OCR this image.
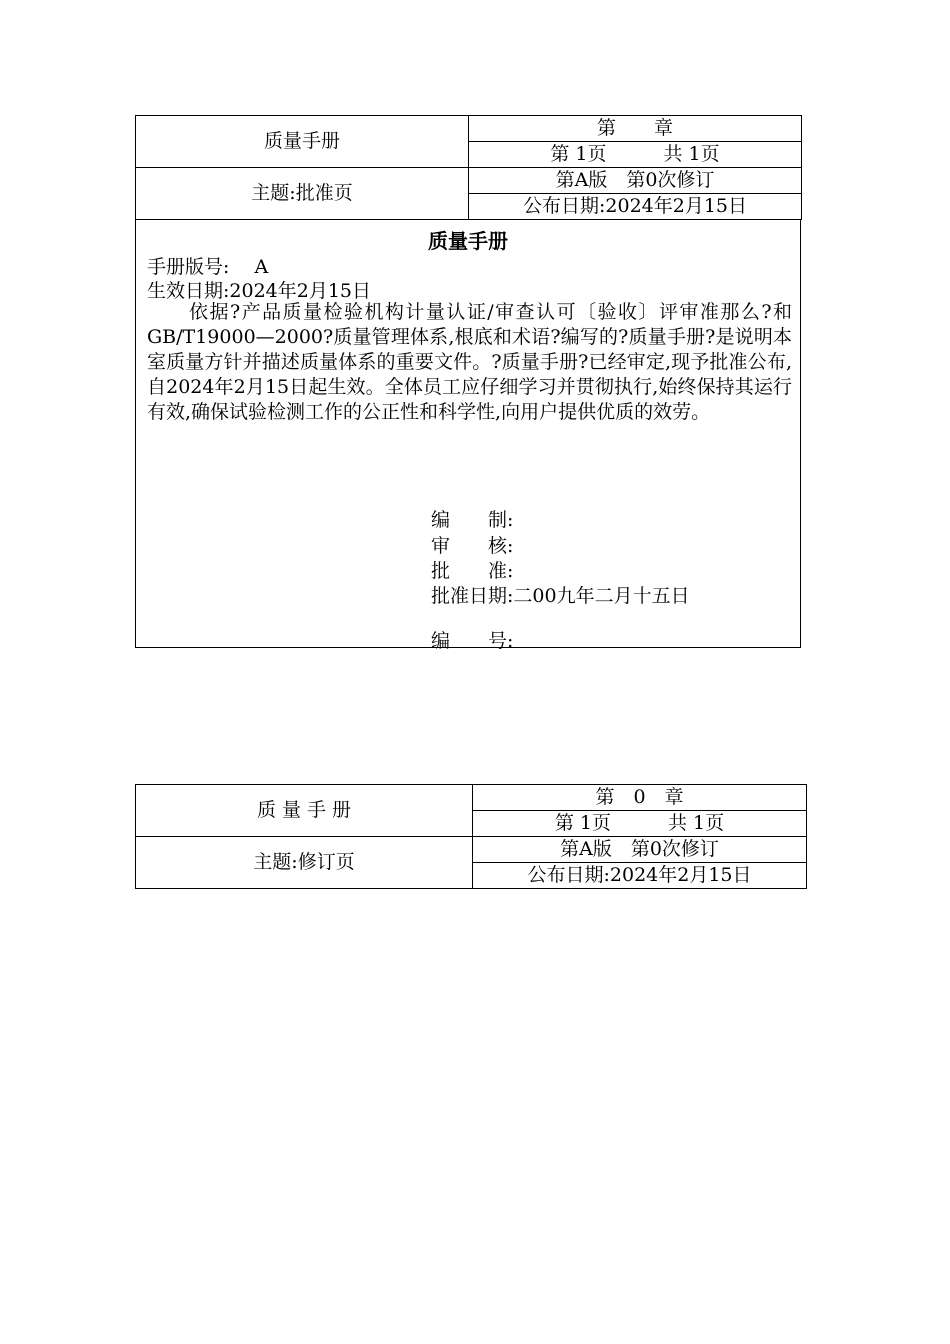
质量手册	第　　章
	第 1页　　　共 1页
主题:批准页	第A版　第0次修订
	公布日期:2024年2月15日
质量手册
手册版号:　 A
生效日期:2024年2月15日
依据?产品质量检验机构计量认证/审查认可〔验收〕评审准那么?和GB/T19000—2000?质量管理体系,根底和术语?编写的?质量手册?是说明本室质量方针并描述质量体系的重要文件。?质量手册?已经审定,现予批准公布,自2024年2月15日起生效。全体员工应仔细学习并贯彻执行,始终保持其运行有效,确保试验检测工作的公正性和科学性,向用户提供优质的效劳。
编　　制:
审　　核:
批　　准:
批准日期:二00九年二月十五日
编　　号:
质 量 手 册	第　0　章
	第 1页　　　共 1页
主题:修订页	第A版　第0次修订
	公布日期:2024年2月15日
